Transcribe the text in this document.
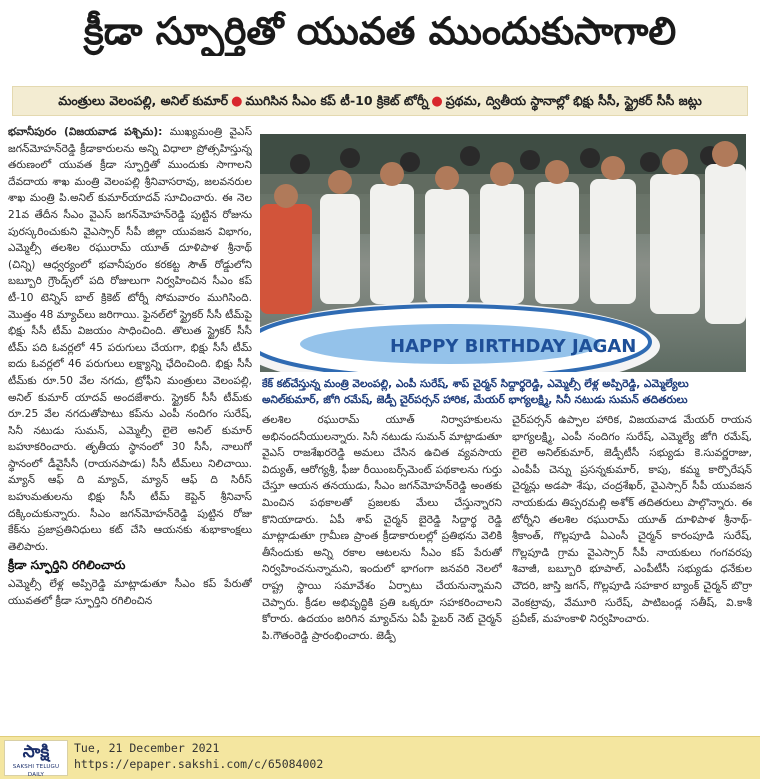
క్రీడా స్ఫూర్తితో యువత ముందుకుసాగాలి
మంత్రులు వెలంపల్లి, అనిల్‌ కుమార్‌ ● ముగిసిన సీఎం కప్‌ టీ-10 క్రికెట్‌ టోర్నీ ● ప్రథమ, ద్వితీయ స్థానాల్లో భిక్షు సీసీ, స్ట్రైకర్‌ సీసీ జట్లు

భవానీపురం (విజయవాడ పశ్చిమ): ముఖ్యమంత్రి వైఎస్‌ జగన్‌మోహన్‌రెడ్డి క్రీడాకారులను అన్ని విధాలా ప్రోత్సహిస్తున్న తరుణంలో యువత క్రీడా స్ఫూర్తితో ముందుకు సాగాలని దేవదాయ శాఖ మంత్రి వెలంపల్లి శ్రీనివాసరావు, జలవనరుల శాఖ మంత్రి పి.అనిల్‌ కుమార్‌యాదవ్‌ సూచించారు. ఈ నెల 21వ తేదీన సీఎం వైఎస్‌ జగన్‌మోహన్‌రెడ్డి పుట్టిన రోజును పురస్కరించుకుని వైఎస్సార్‌ సీపీ జిల్లా యువజన విభాగం, ఎమ్మెల్సీ తలశిల రఘురామ్‌ యూత్‌ దూళిపాళ శ్రీనాథ్‌ (చిన్ని) ఆధ్వర్యంలో భవానీపురం కరకట్ట సౌత్‌ రోడ్డులోని బబ్బూరి గ్రౌండ్స్‌లో పది రోజులుగా నిర్వహించిన సీఎం కప్‌ టీ-10 టెన్నిస్‌ బాల్‌ క్రికెట్‌ టోర్నీ సోమవారం ముగిసింది. మొత్తం 48 మ్యాచ్‌లు జరిగాయి. ఫైనల్‌లో స్ట్రైకర్‌ సీసీ టీమ్‌పై భిక్షు సీసీ టీమ్‌ విజయం సాధించింది. తొలుత స్ట్రైకర్‌ సీసీ టీమ్‌ పది ఓవర్లలో 45 పరుగులు చేయగా, భిక్షు సీసీ టీమ్‌ ఐదు ఓవర్లలో 46 పరుగులు లక్ష్యాన్ని ఛేదించింది. భిక్షు సీసీ టీమ్‌కు రూ.50 వేల నగదు, ట్రోఫీని మంత్రులు వెలంపల్లి, అనిల్‌ కుమార్‌ యాదవ్‌ అందజేశారు. స్ట్రైకర్‌ సీసీ టీమ్‌కు రూ.25 వేల నగదుతోపాటు కప్‌ను ఎంపీ నందిగం సురేష్‌, సినీ నటుడు సుమన్‌, ఎమ్మెల్సీ లైలె అనిల్‌ కుమార్‌ బహూకరించారు. తృతీయ స్థానంలో 30 సీసీ, నాలుగో స్థానంలో డీవైసీసీ (రాయనపాడు) సీసీ టీమ్‌లు నిలిచాయి. మ్యాన్‌ ఆఫ్‌ ది మ్యాచ్‌, మ్యాన్‌ ఆఫ్‌ ది సిరీస్‌ బహుమతులను భిక్షు సీసీ టీమ్‌ కెప్టెన్‌ శ్రీనివాస్‌ దక్కించుకున్నారు. సీఎం జగన్‌మోహన్‌రెడ్డి పుట్టిన రోజు కేక్‌ను ప్రజాప్రతినిధులు కట్‌ చేసి ఆయనకు శుభాకాంక్షలు తెలిపారు.

క్రీడా స్ఫూర్తిని రగిలించారు

ఎమ్మెల్సీ లేళ్ల అప్పిరెడ్డి మాట్లాడుతూ సీఎం కప్‌ పేరుతో యువతలో క్రీడా స్ఫూర్తిని రగిలించిన

HAPPY BIRTHDAY JAGAN
కేక్‌ కట్‌చేస్తున్న మంత్రి వెలంపల్లి, ఎంపీ సురేష్‌, శాప్‌ చైర్మన్‌ సిద్దార్థరెడ్డి, ఎమ్మెల్సీ లేళ్ల అప్పిరెడ్డి, ఎమ్మెల్యేలు
అనిల్‌కుమార్‌, జోగి రమేష్‌, జెడ్పీ చైర్‌పర్సన్‌ హారిక, మేయర్‌ భాగ్యలక్ష్మి, సినీ నటుడు సుమన్‌ తదితరులు

తలశిల రఘురామ్‌ యూత్‌ నిర్వాహకులను అభినందనీయులన్నారు. సినీ నటుడు సుమన్‌ మాట్లాడుతూ వైఎస్‌ రాజశేఖరరెడ్డి అమలు చేసిన ఉచిత వ్యవసాయ విద్యుత్‌, ఆరోగ్యశ్రీ, ఫీజు రీయింబర్స్‌మెంట్‌ పథకాలను గుర్తు చేస్తూ ఆయన తనయుడు, సీఎం జగన్‌మోహన్‌రెడ్డి అంతకు మించిన పథకాలతో ప్రజలకు మేలు చేస్తున్నారని కొనియాడారు. ఏపీ శాప్‌ చైర్మన్‌ బైరెడ్డి సిద్దార్థ రెడ్డి మాట్లాడుతూ గ్రామీణ ప్రాంత క్రీడాకారులల్లో ప్రతిభను వెలికి తీసేందుకు అన్ని రకాల ఆటలను సీఎం కప్‌ పేరుతో నిర్వహించనున్నామని, ఇందులో భాగంగా జనవరి నెలలో రాష్ట్ర స్థాయి సమావేశం ఏర్పాటు చేయనున్నామని చెప్పారు. క్రీడల అభివృద్ధికి ప్రతి ఒక్కరూ సహకరించాలని కోరారు. ఉదయం జరిగిన మ్యాచ్‌ను ఏపీ ఫైబర్‌ నెట్‌ చైర్మన్‌ పి.గౌతంరెడ్డి ప్రారంభించారు. జెడ్పీ

చైర్‌పర్సన్‌ ఉప్పాల హారిక, విజయవాడ మేయర్‌ రాయన భాగ్యలక్ష్మి, ఎంపీ నందిగం సురేష్‌, ఎమ్మెల్యే జోగి రమేష్‌, లైలె అనిల్‌కుమార్‌, జెడ్పీటీసీ సభ్యుడు కె.సువర్ణరాజు, ఎంపీపీ చెన్ను ప్రసన్నకుమార్‌, కాపు, కమ్మ కార్పొరేషన్‌ చైర్మన్లు అడపా శేషు, చంద్రశేఖర్‌, వైఎస్సార్‌ సీపీ యువజన నాయకుడు తిప్పరమల్లి అశోక్‌ తదితరులు పాల్గొన్నారు. ఈ టోర్నీని తలశిల రఘురామ్‌ యూత్‌ దూళిపాళ శ్రీనాథ్‌-శ్రీకాంత్‌, గొల్లపూడి ఏఎంసీ చైర్మన్‌ కారంపూడి సురేష్‌, గొల్లపూడి గ్రామ వైఎస్సార్‌ సీపీ నాయకులు గంగవరపు శివాజీ, బబ్బూరి భూపాల్‌, ఎంపీటీసీ సభ్యుడు ధనేకుల చౌదరి, జాస్తి జగన్‌, గొల్లపూడి సహకార బ్యాంక్‌ చైర్మన్‌ బొర్రా వెంకట్రావు, వేమూరి సురేష్‌, పాటిబండ్ల సతీష్‌, వి.కాశీ ప్రవీణ్‌, మహంకాళి నిర్వహించారు.

సాక్షి
SAKSHI TELUGU DAILY
Tue, 21 December 2021
https://epaper.sakshi.com/c/65084002
